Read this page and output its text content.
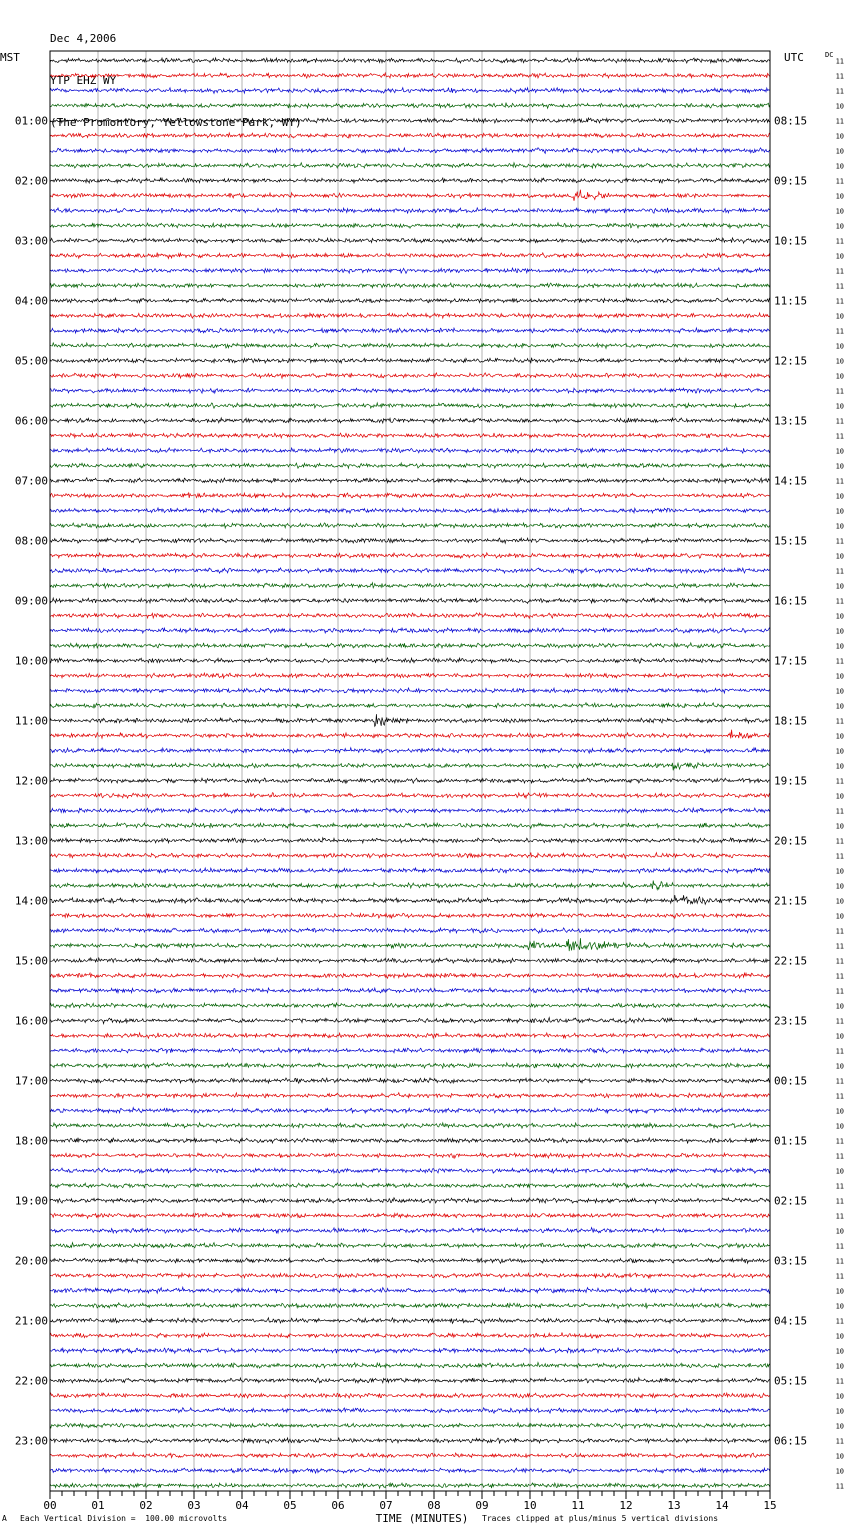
Dec 4,2006

YTP EHZ WY

(The Promontory, Yellowstone Park, WY)

MST	UTC	DC
01:00
02:00
03:00
04:00
05:00
06:00
07:00
08:00
09:00
10:00
11:00
12:00
13:00
14:00
15:00
16:00
17:00
18:00
19:00
20:00
21:00
22:00
23:00
08:15
09:15
10:15
11:15
12:15
13:15
14:15
15:15
16:15
17:15
18:15
19:15
20:15
21:15
22:15
23:15
00:15
01:15
02:15
03:15
04:15
05:15
06:15
11
11
11
10
11
10
10
10
11
10
10
10
11
10
11
11
11
10
11
10
10
10
11
10
11
11
10
10
11
10
10
10
11
10
11
10
11
10
10
10
11
10
10
10
11
10
10
10
11
10
11
10
11
11
10
10
10
10
11
11
11
11
11
10
11
10
11
10
11
11
10
10
11
11
10
11
11
11
10
11
11
11
10
10
11
10
10
10
11
10
10
10
11
10
10
11
00	01	02	03	04	05	06	07	08	09	10	11	12	13	14	15
TIME (MINUTES)
A Each Vertical Division =  100.00 microvolts	Traces clipped at plus/minus 5 vertical divisions
